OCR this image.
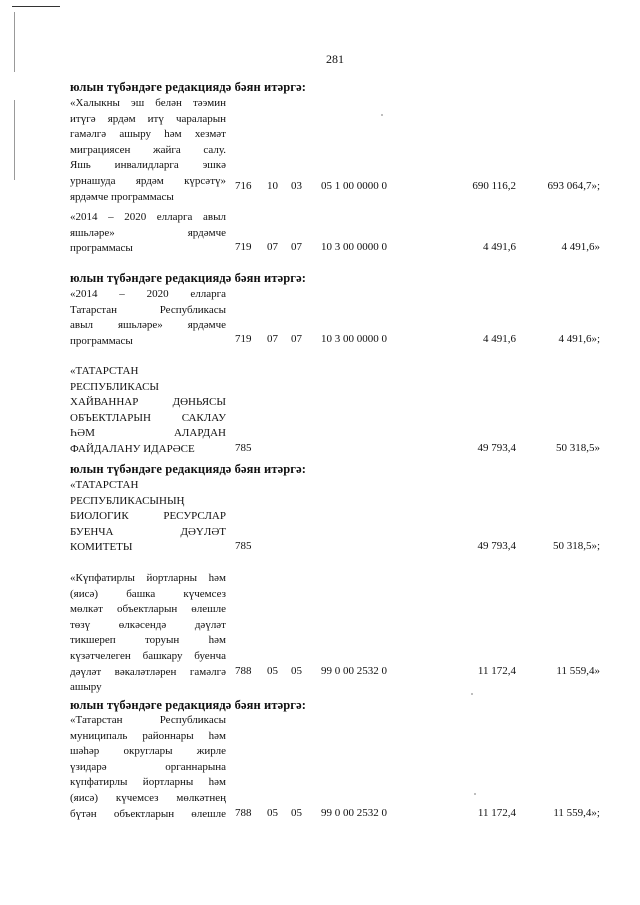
281
юлын түбәндәге редакциядә бәян итәргә:
«Халыкны эш белән тәэмин
итүгә ярдәм итү чараларын
гамәлгә ашыру һәм хезмәт
миграциясен жайга салу.
Яшь инвалидларга эшкә
урнашуда ярдәм күрсәтү»
ярдәмче программасы
716 10 03 05 1 00 0000 0	690 116,2	693 064,7»;
«2014 – 2020 елларга авыл
яшьләре» ярдәмче
программасы	719 07 07 10 3 00 0000 0	4 491,6	4 491,6»
юлын түбәндәге редакциядә бәян итәргә:
«2014 – 2020 елларга
Татарстан Республикасы
авыл яшьләре» ярдәмче
программасы	719 07 07 10 3 00 0000 0	4 491,6	4 491,6»;
«ТАТАРСТАН
РЕСПУБЛИКАСЫ
ХАЙВАННАР ДӨНЬЯСЫ
ОБЪЕКТЛАРЫН САКЛАУ
ҺӘМ АЛАРДАН
ФАЙДАЛАНУ ИДАРӘСЕ	785	49 793,4	50 318,5»
юлын түбәндәге редакциядә бәян итәргә:
«ТАТАРСТАН
РЕСПУБЛИКАСЫНЫҢ
БИОЛОГИК РЕСУРСЛАР
БУЕНЧА ДӘҮЛӘТ
КОМИТЕТЫ	785	49 793,4	50 318,5»;
«Күпфатирлы йортларны һәм
(яисә) башка күчемсез
мөлкәт объектларын өлешле
төзү өлкәсендә дәүләт
тикшереп торуын һәм
күзәтчелеген башкару буенча
дәүләт вәкаләтләрен гамәлгә
ашыру
788 05 05 99 0 00 2532 0	11 172,4	11 559,4»
юлын түбәндәге редакциядә бәян итәргә:
«Татарстан Республикасы
муниципаль районнары һәм
шәһәр округлары жирле
үзидарә органнарына
күпфатирлы йортларны һәм
(яисә) күчемсез мөлкәтнең
бүтән объектларын өлешле 788 05 05 99 0 00 2532 0	11 172,4	11 559,4»;
